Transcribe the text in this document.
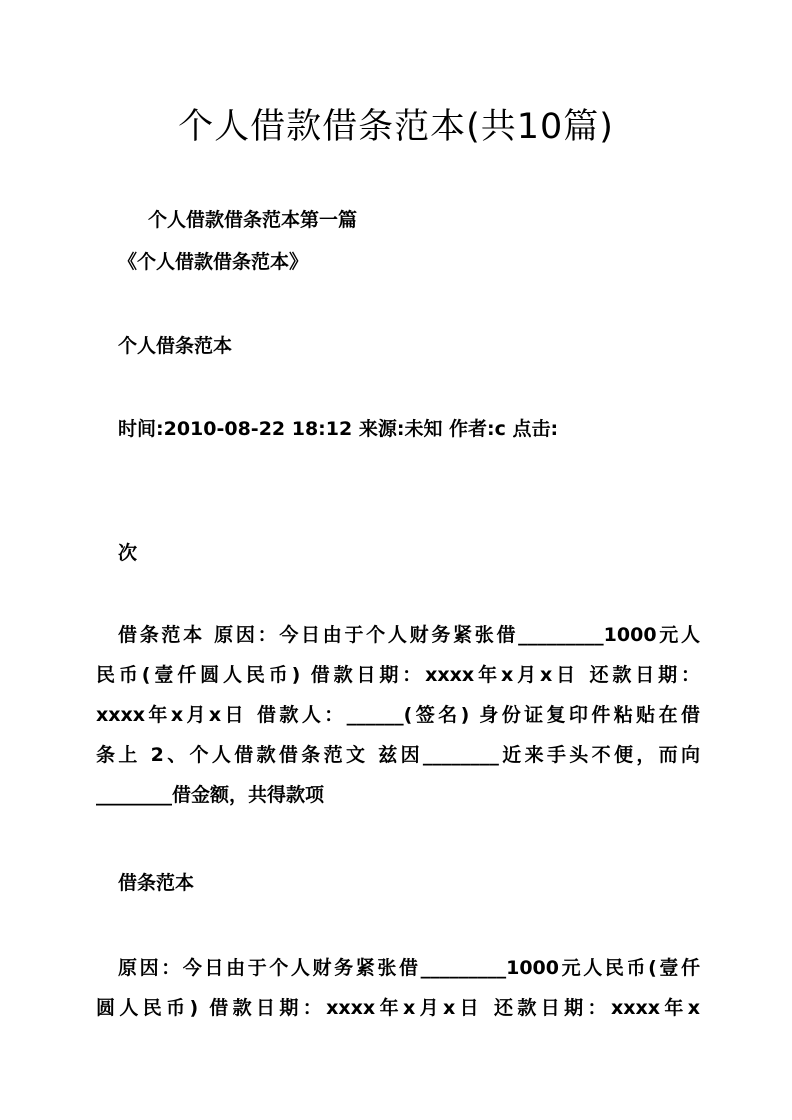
个人借款借条范本(共10篇)

个人借款借条范本第一篇

《个人借款借条范本》

个人借条范本

时间:2010-08-22 18:12 来源:未知 作者:c 点击:

次

借条范本 原因：今日由于个人财务紧张借_________1000元人
民币(壹仟圆人民币) 借款日期：xxxx年x月x日 还款日期：
xxxx年x月x日 借款人：______(签名) 身份证复印件粘贴在借
条上 2、个人借款借条范文 兹因________近来手头不便，而向
________借金额，共得款项

借条范本

原因：今日由于个人财务紧张借_________1000元人民币(壹仟
圆人民币) 借款日期：xxxx年x月x日 还款日期：xxxx年x
